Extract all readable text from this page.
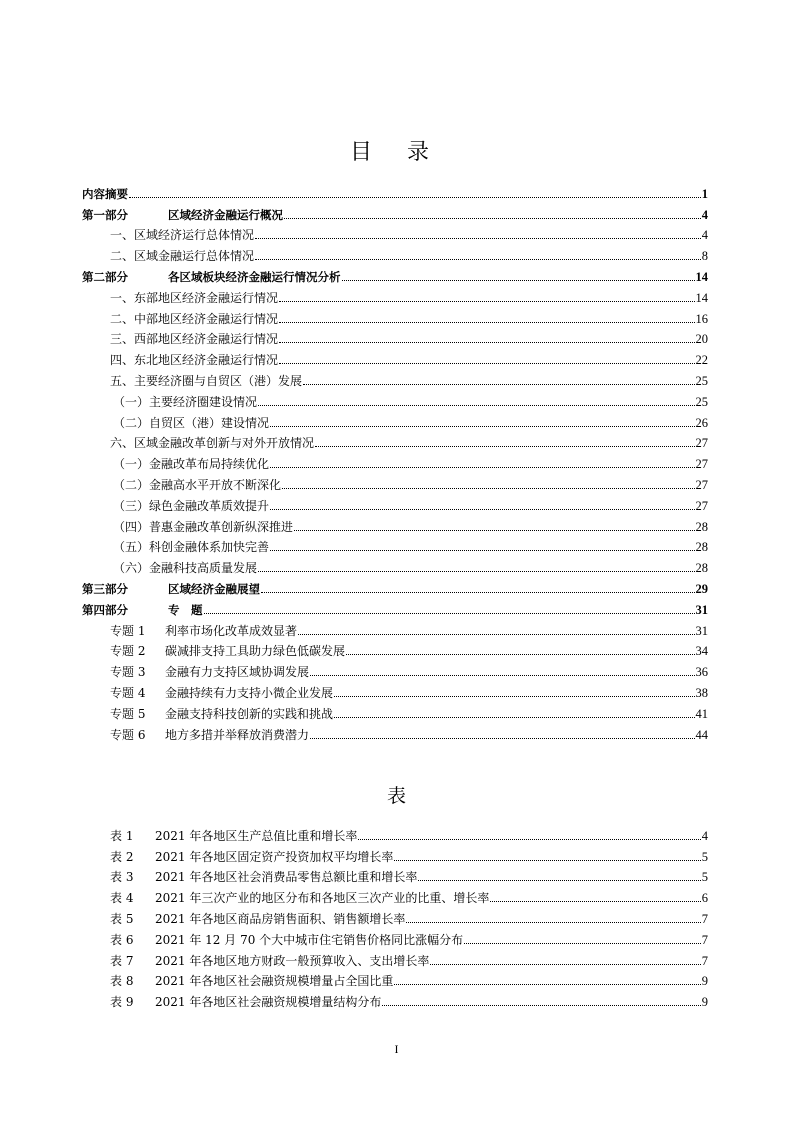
目 录
内容摘要	1
第一部分	区域经济金融运行概况	4
一、区域经济运行总体情况	4
二、区域金融运行总体情况	8
第二部分	各区域板块经济金融运行情况分析	14
一、东部地区经济金融运行情况	14
二、中部地区经济金融运行情况	16
三、西部地区经济金融运行情况	20
四、东北地区经济金融运行情况	22
五、主要经济圈与自贸区（港）发展	25
（一）主要经济圈建设情况	25
（二）自贸区（港）建设情况	26
六、区域金融改革创新与对外开放情况	27
（一）金融改革布局持续优化	27
（二）金融高水平开放不断深化	27
（三）绿色金融改革质效提升	27
（四）普惠金融改革创新纵深推进	28
（五）科创金融体系加快完善	28
（六）金融科技高质量发展	28
第三部分	区域经济金融展望	29
第四部分	专　题	31
专题 1 利率市场化改革成效显著	31
专题 2 碳减排支持工具助力绿色低碳发展	34
专题 3 金融有力支持区域协调发展	36
专题 4 金融持续有力支持小微企业发展	38
专题 5 金融支持科技创新的实践和挑战	41
专题 6 地方多措并举释放消费潜力	44
表
表 1 2021 年各地区生产总值比重和增长率	4
表 2 2021 年各地区固定资产投资加权平均增长率	5
表 3 2021 年各地区社会消费品零售总额比重和增长率	5
表 4 2021 年三次产业的地区分布和各地区三次产业的比重、增长率	6
表 5 2021 年各地区商品房销售面积、销售额增长率	7
表 6 2021 年 12 月 70 个大中城市住宅销售价格同比涨幅分布	7
表 7 2021 年各地区地方财政一般预算收入、支出增长率	7
表 8 2021 年各地区社会融资规模增量占全国比重	9
表 9 2021 年各地区社会融资规模增量结构分布	9
I
